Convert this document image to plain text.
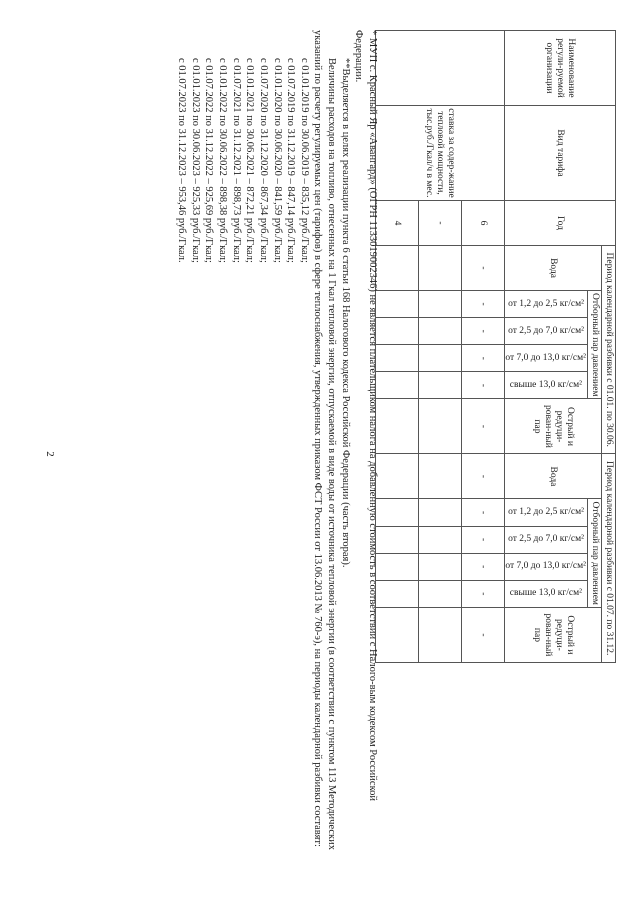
2
Наименование регули-руемой организации	Вид тарифа	Год	Период календарной разбивки с 01.01. по 30.06.						Период календарной разбивки с 01.07. по 31.12.					
			Вода	Отборный пар давлением				Острый и редуци-рован-ный пар	Вода	Отборный пар давлением				Острый и редуци-рован-ный пар

				от 1,2 до 2,5 кг/см²	от 2,5 до 7,0 кг/см²	от 7,0 до 13,0 кг/см²	свыше 13,0 кг/см²			от 1,2 до 2,5 кг/см²	от 2,5 до 7,0 кг/см²	от 7,0 до 13,0 кг/см²	свыше 13,0 кг/см²	

	ставка за содер-жание тепловой мощности, тыс.руб./Гкал/ч в мес.	6	-	-	-	-	-	-	-	-	-	-	-	-
		-												
		4												

* МУП с. Красный Яр «Авангард» (ОГРН 1133019002346) не является плательщиком налога на добавленную стоимость в соответствии с Налого-вым кодексом Российской Федерации.

**Выделяется в целях реализации пункта 6 статьи 168 Налогового кодекса Российской Федерации (часть вторая).

Величины расходов на топливо, отнесенных на 1 Гкал тепловой энергии, отпускаемой в виде воды от источника тепловой энергии (в соответствии с пунктом 113 Методических указаний по расчету регулируемых цен (тарифов) в сфере теплоснабжения, утвержденных приказом ФСТ России от 13.06.2013 № 760-э), на периоды календарной разбивки составят:

с 01.01.2019 по 30.06.2019 – 835,12 руб./Гкал;

с 01.07.2019 по 31.12.2019 – 847,14 руб./Гкал;

с 01.01.2020 по 30.06.2020 – 841,59 руб./Гкал;

с 01.07.2020 по 31.12.2020 – 867,34 руб./Гкал;

с 01.01.2021 по 30.06.2021 – 872,21 руб./Гкал;

с 01.07.2021 по 31.12.2021 – 898,73 руб./Гкал;

с 01.01.2022 по 30.06.2022 – 898,38 руб./Гкал;

с 01.07.2022 по 31.12.2022 – 925,69 руб./Гкал;

с 01.01.2023 по 30.06.2023 – 925,33 руб./Гкал;

с 01.07.2023 по 31.12.2023 – 953,46 руб./Гкал.
